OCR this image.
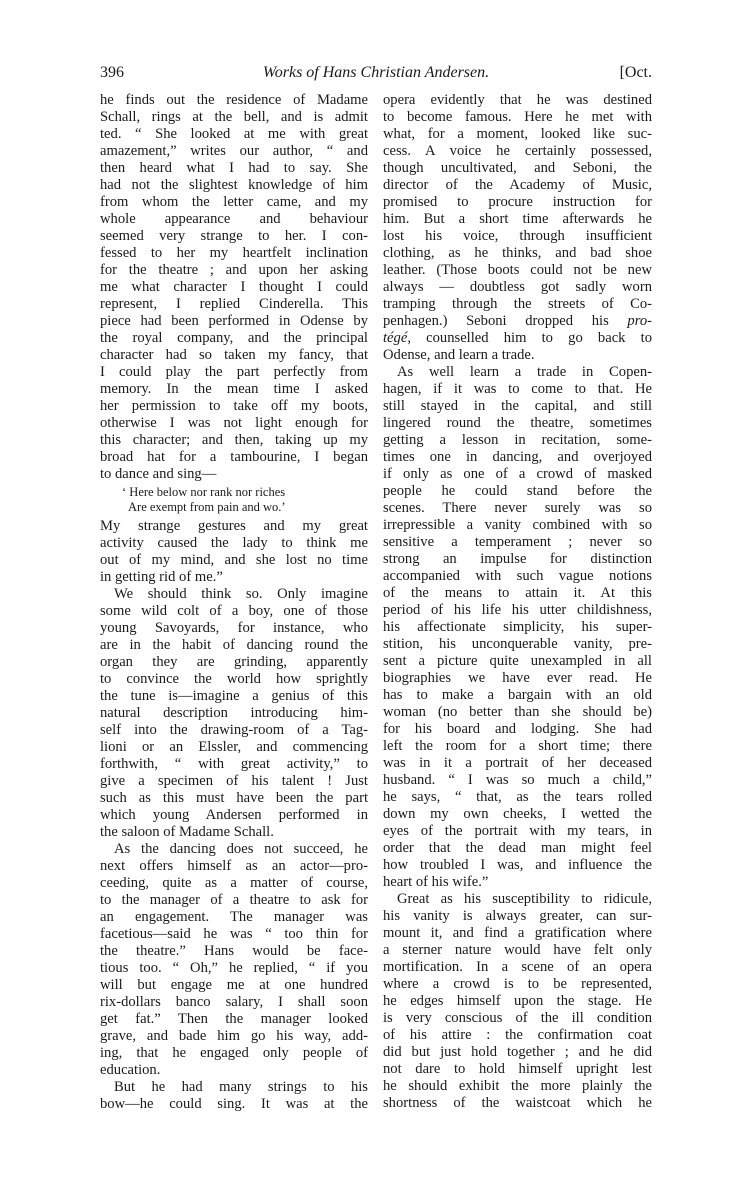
396	Works of Hans Christian Andersen.	[Oct.
he finds out the residence of Madame
Schall, rings at the bell, and is admit
ted. “ She looked at me with great
amazement,” writes our author, “ and
then heard what I had to say. She
had not the slightest knowledge of him
from whom the letter came, and my
whole appearance and behaviour
seemed very strange to her. I con-
fessed to her my heartfelt inclination
for the theatre ; and upon her asking
me what character I thought I could
represent, I replied Cinderella. This
piece had been performed in Odense by
the royal company, and the principal
character had so taken my fancy, that
I could play the part perfectly from
memory. In the mean time I asked
her permission to take off my boots,
otherwise I was not light enough for
this character; and then, taking up my
broad hat for a tambourine, I began
to dance and sing—
‘ Here below nor rank nor riches
Are exempt from pain and wo.’
My strange gestures and my great
activity caused the lady to think me
out of my mind, and she lost no time
in getting rid of me.”
We should think so. Only imagine
some wild colt of a boy, one of those
young Savoyards, for instance, who
are in the habit of dancing round the
organ they are grinding, apparently
to convince the world how sprightly
the tune is—imagine a genius of this
natural description introducing him-
self into the drawing-room of a Tag-
lioni or an Elssler, and commencing
forthwith, “ with great activity,” to
give a specimen of his talent ! Just
such as this must have been the part
which young Andersen performed in
the saloon of Madame Schall.
As the dancing does not succeed, he
next offers himself as an actor—pro-
ceeding, quite as a matter of course,
to the manager of a theatre to ask for
an engagement. The manager was
facetious—said he was “ too thin for
the theatre.” Hans would be face-
tious too. “ Oh,” he replied, “ if you
will but engage me at one hundred
rix-dollars banco salary, I shall soon
get fat.” Then the manager looked
grave, and bade him go his way, add-
ing, that he engaged only people of
education.
But he had many strings to his
bow—he could sing. It was at the
opera evidently that he was destined
to become famous. Here he met with
what, for a moment, looked like suc-
cess. A voice he certainly possessed,
though uncultivated, and Seboni, the
director of the Academy of Music,
promised to procure instruction for
him. But a short time afterwards he
lost his voice, through insufficient
clothing, as he thinks, and bad shoe
leather. (Those boots could not be new
always — doubtless got sadly worn
tramping through the streets of Co-
penhagen.) Seboni dropped his pro-
tégé, counselled him to go back to
Odense, and learn a trade.
As well learn a trade in Copen-
hagen, if it was to come to that. He
still stayed in the capital, and still
lingered round the theatre, sometimes
getting a lesson in recitation, some-
times one in dancing, and overjoyed
if only as one of a crowd of masked
people he could stand before the
scenes. There never surely was so
irrepressible a vanity combined with so
sensitive a temperament ; never so
strong an impulse for distinction
accompanied with such vague notions
of the means to attain it. At this
period of his life his utter childishness,
his affectionate simplicity, his super-
stition, his unconquerable vanity, pre-
sent a picture quite unexampled in all
biographies we have ever read. He
has to make a bargain with an old
woman (no better than she should be)
for his board and lodging. She had
left the room for a short time; there
was in it a portrait of her deceased
husband. “ I was so much a child,”
he says, “ that, as the tears rolled
down my own cheeks, I wetted the
eyes of the portrait with my tears, in
order that the dead man might feel
how troubled I was, and influence the
heart of his wife.”
Great as his susceptibility to ridicule,
his vanity is always greater, can sur-
mount it, and find a gratification where
a sterner nature would have felt only
mortification. In a scene of an opera
where a crowd is to be represented,
he edges himself upon the stage. He
is very conscious of the ill condition
of his attire : the confirmation coat
did but just hold together ; and he did
not dare to hold himself upright lest
he should exhibit the more plainly the
shortness of the waistcoat which he
